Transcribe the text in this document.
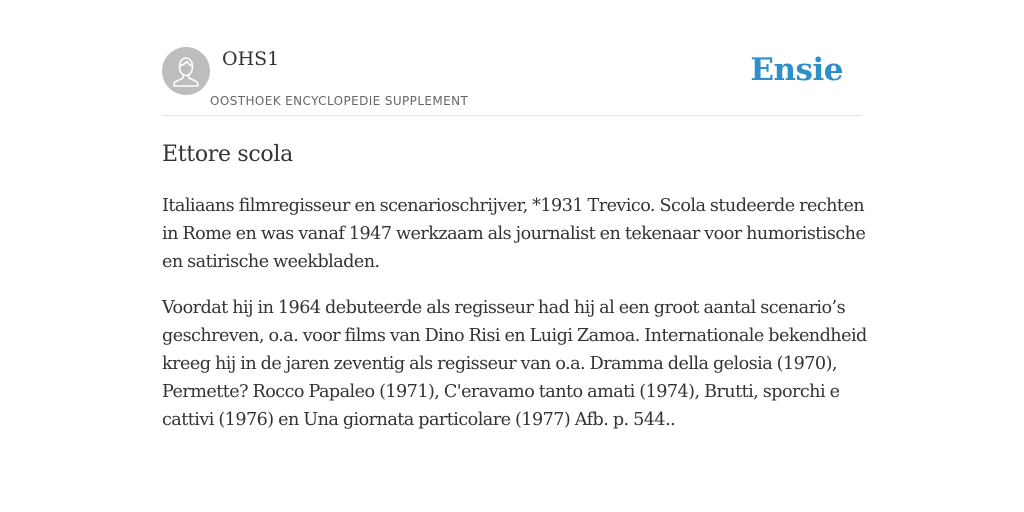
OHS1
OOSTHOEK ENCYCLOPEDIE SUPPLEMENT
Ensie
Ettore scola

Italiaans filmregisseur en scenarioschrijver, *1931 Trevico. Scola studeerde rechten in Rome en was vanaf 1947 werkzaam als journalist en tekenaar voor humoristische en satirische weekbladen.

Voordat hij in 1964 debuteerde als regisseur had hij al een groot aantal scenario’s geschreven, o.a. voor films van Dino Risi en Luigi Zamoa. Internationale bekendheid kreeg hij in de jaren zeventig als regisseur van o.a. Dramma della gelosia (1970), Permette? Rocco Papaleo (1971), C'eravamo tanto amati (1974), Brutti, sporchi e cattivi (1976) en Una giornata particolare (1977) Afb. p. 544..
